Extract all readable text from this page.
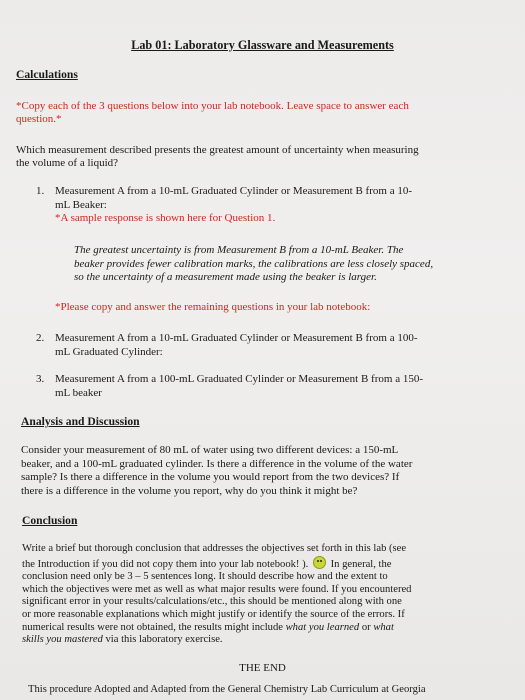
Lab 01: Laboratory Glassware and Measurements
Calculations
*Copy each of the 3 questions below into your lab notebook. Leave space to answer each
question.*
Which measurement described presents the greatest amount of uncertainty when measuring
the volume of a liquid?
1. Measurement A from a 10-mL Graduated Cylinder or Measurement B from a 10-
mL Beaker:
*A sample response is shown here for Question 1.
The greatest uncertainty is from Measurement B from a 10-mL Beaker. The
beaker provides fewer calibration marks, the calibrations are less closely spaced,
so the uncertainty of a measurement made using the beaker is larger.
*Please copy and answer the remaining questions in your lab notebook:
2. Measurement A from a 10-mL Graduated Cylinder or Measurement B from a 100-
mL Graduated Cylinder:
3. Measurement A from a 100-mL Graduated Cylinder or Measurement B from a 150-
mL beaker
Analysis and Discussion
Consider your measurement of 80 mL of water using two different devices: a 150-mL
beaker, and a 100-mL graduated cylinder. Is there a difference in the volume of the water
sample? Is there a difference in the volume you would report from the two devices? If
there is a difference in the volume you report, why do you think it might be?
Conclusion
Write a brief but thorough conclusion that addresses the objectives set forth in this lab (see
the Introduction if you did not copy them into your lab notebook! ). In general, the
conclusion need only be 3 – 5 sentences long. It should describe how and the extent to
which the objectives were met as well as what major results were found. If you encountered
significant error in your results/calculations/etc., this should be mentioned along with one
or more reasonable explanations which might justify or identify the source of the errors. If
numerical results were not obtained, the results might include what you learned or what
skills you mastered via this laboratory exercise.
THE END
This procedure Adopted and Adapted from the General Chemistry Lab Curriculum at Georgia
